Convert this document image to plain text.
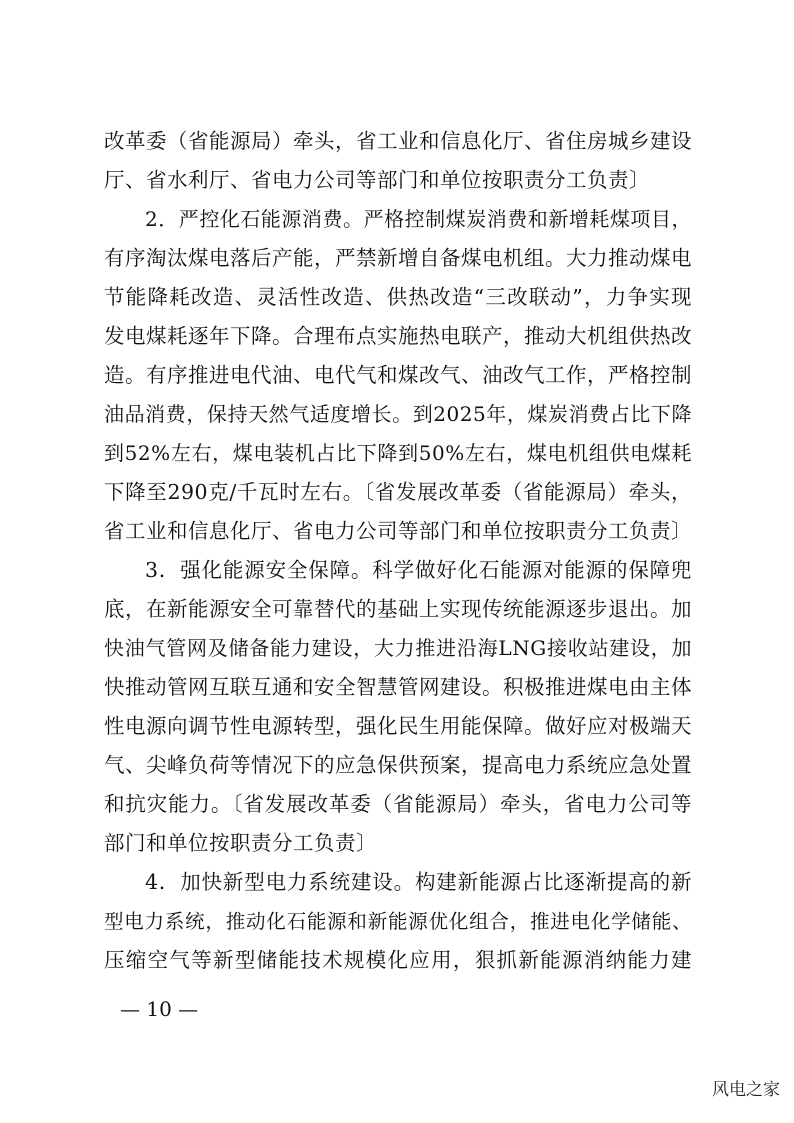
改革委（省能源局）牵头，省工业和信息化厅、省住房城乡建设
厅、省水利厅、省电力公司等部门和单位按职责分工负责〕
2．严控化石能源消费。严格控制煤炭消费和新增耗煤项目，
有序淘汰煤电落后产能，严禁新增自备煤电机组。大力推动煤电
节能降耗改造、灵活性改造、供热改造“三改联动”，力争实现
发电煤耗逐年下降。合理布点实施热电联产，推动大机组供热改
造。有序推进电代油、电代气和煤改气、油改气工作，严格控制
油品消费，保持天然气适度增长。到2025年，煤炭消费占比下降
到52%左右，煤电装机占比下降到50%左右，煤电机组供电煤耗
下降至290克/千瓦时左右。〔省发展改革委（省能源局）牵头，
省工业和信息化厅、省电力公司等部门和单位按职责分工负责〕
3．强化能源安全保障。科学做好化石能源对能源的保障兜
底，在新能源安全可靠替代的基础上实现传统能源逐步退出。加
快油气管网及储备能力建设，大力推进沿海LNG接收站建设，加
快推动管网互联互通和安全智慧管网建设。积极推进煤电由主体
性电源向调节性电源转型，强化民生用能保障。做好应对极端天
气、尖峰负荷等情况下的应急保供预案，提高电力系统应急处置
和抗灾能力。〔省发展改革委（省能源局）牵头，省电力公司等
部门和单位按职责分工负责〕
4．加快新型电力系统建设。构建新能源占比逐渐提高的新
型电力系统，推动化石能源和新能源优化组合，推进电化学储能、
压缩空气等新型储能技术规模化应用，狠抓新能源消纳能力建
— 10 —
风电之家
